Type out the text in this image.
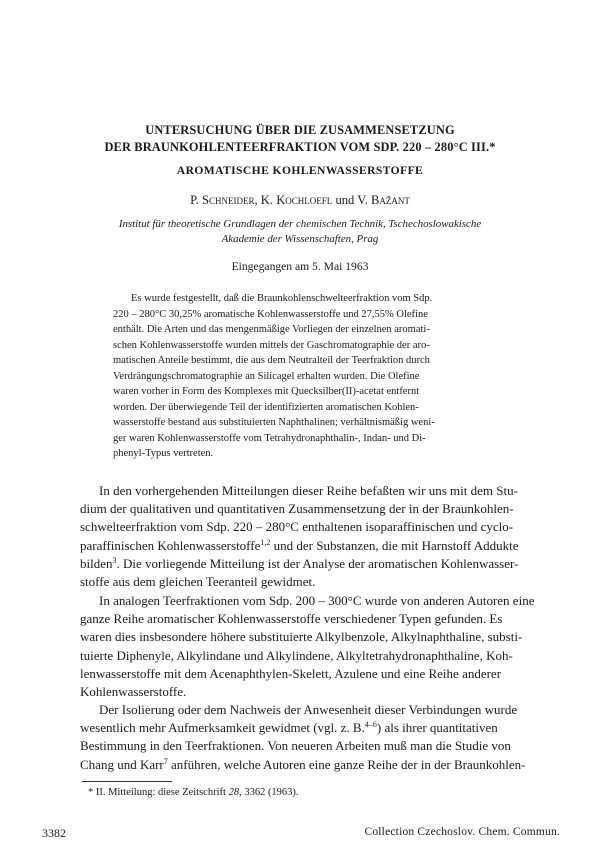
UNTERSUCHUNG ÜBER DIE ZUSAMMENSETZUNG
DER BRAUNKOHLENTEERFRAKTION VOM SDP. 220 – 280°C III.*
AROMATISCHE KOHLENWASSERSTOFFE
P. Schneider, K. Kochloefl und V. Bažant
Institut für theoretische Grundlagen der chemischen Technik, Tschechoslowakische
Akademie der Wissenschaften, Prag
Eingegangen am 5. Mai 1963
Es wurde festgestellt, daß die Braunkohlenschwelteerfraktion vom Sdp.
220 – 280°C 30,25% aromatische Kohlenwasserstoffe und 27,55% Olefine
enthält. Die Arten und das mengenmäßige Vorliegen der einzelnen aromati-
schen Kohlenwasserstoffe wurden mittels der Gaschromatographie der aro-
matischen Anteile bestimmt, die aus dem Neutralteil der Teerfraktion durch
Verdrängungschromatographie an Silicagel erhalten wurden. Die Olefine
waren vorher in Form des Komplexes mit Quecksilber(II)-acetat entfernt
worden. Der überwiegende Teil der identifizierten aromatischen Kohlen-
wasserstoffe bestand aus substituierten Naphthalinen; verhältnismäßig weni-
ger waren Kohlenwasserstoffe vom Tetrahydronaphthalin-, Indan- und Di-
phenyl-Typus vertreten.
In den vorhergehenden Mitteilungen dieser Reihe befaßten wir uns mit dem Stu-
dium der qualitativen und quantitativen Zusammensetzung der in der Braunkohlen-
schwelteerfraktion vom Sdp. 220 – 280°C enthaltenen isoparaffinischen und cyclo-
paraffinischen Kohlenwasserstoffe$^{1,2}$ und der Substanzen, die mit Harnstoff Addukte
bilden$^3$. Die vorliegende Mitteilung ist der Analyse der aromatischen Kohlenwasser-
stoffe aus dem gleichen Teeranteil gewidmet.
In analogen Teerfraktionen vom Sdp. 200 – 300°C wurde von anderen Autoren eine
ganze Reihe aromatischer Kohlenwasserstoffe verschiedener Typen gefunden. Es
waren dies insbesondere höhere substituierte Alkylbenzole, Alkylnaphthaline, substi-
tuierte Diphenyle, Alkylindane und Alkylindene, Alkyltetrahydronaphthaline, Koh-
lenwasserstoffe mit dem Acenaphthylen-Skelett, Azulene und eine Reihe anderer
Kohlenwasserstoffe.
Der Isolierung oder dem Nachweis der Anwesenheit dieser Verbindungen wurde
wesentlich mehr Aufmerksamkeit gewidmet (vgl. z. B.$^{4-6}$) als ihrer quantitativen
Bestimmung in den Teerfraktionen. Von neueren Arbeiten muß man die Studie von
Chang und Karr$^7$ anführen, welche Autoren eine ganze Reihe der in der Braunkohlen-
* II. Mitteilung: diese Zeitschrift 28, 3362 (1963).
3382	Collection Czechoslov. Chem. Commun.
